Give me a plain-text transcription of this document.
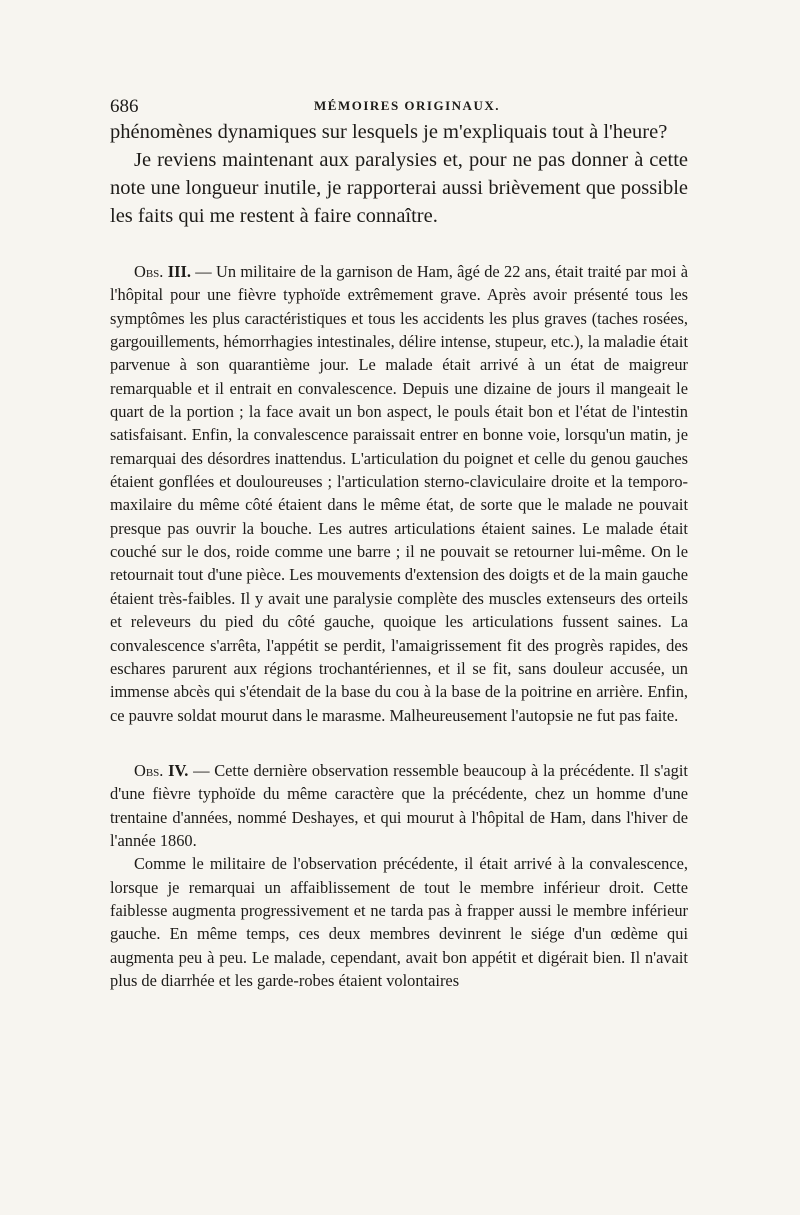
686	MÉMOIRES ORIGINAUX.

phénomènes dynamiques sur lesquels je m'expliquais tout à l'heure?

Je reviens maintenant aux paralysies et, pour ne pas donner à cette note une longueur inutile, je rapporterai aussi brièvement que possible les faits qui me restent à faire connaître.

Obs. III. — Un militaire de la garnison de Ham, âgé de 22 ans, était traité par moi à l'hôpital pour une fièvre typhoïde extrêmement grave. Après avoir présenté tous les symptômes les plus caractéristiques et tous les accidents les plus graves (taches rosées, gargouillements, hémorrhagies intestinales, délire intense, stupeur, etc.), la maladie était parvenue à son quarantième jour. Le malade était arrivé à un état de maigreur remarquable et il entrait en convalescence. Depuis une dizaine de jours il mangeait le quart de la portion ; la face avait un bon aspect, le pouls était bon et l'état de l'intestin satisfaisant. Enfin, la convalescence paraissait entrer en bonne voie, lorsqu'un matin, je remarquai des désordres inattendus. L'articulation du poignet et celle du genou gauches étaient gonflées et douloureuses ; l'articulation sterno-claviculaire droite et la temporo-maxilaire du même côté étaient dans le même état, de sorte que le malade ne pouvait presque pas ouvrir la bouche. Les autres articulations étaient saines. Le malade était couché sur le dos, roide comme une barre ; il ne pouvait se retourner lui-même. On le retournait tout d'une pièce. Les mouvements d'extension des doigts et de la main gauche étaient très-faibles. Il y avait une paralysie complète des muscles extenseurs des orteils et releveurs du pied du côté gauche, quoique les articulations fussent saines. La convalescence s'arrêta, l'appétit se perdit, l'amaigrissement fit des progrès rapides, des eschares parurent aux régions trochantériennes, et il se fit, sans douleur accusée, un immense abcès qui s'étendait de la base du cou à la base de la poitrine en arrière. Enfin, ce pauvre soldat mourut dans le marasme. Malheureusement l'autopsie ne fut pas faite.

Obs. IV. — Cette dernière observation ressemble beaucoup à la précédente. Il s'agit d'une fièvre typhoïde du même caractère que la précédente, chez un homme d'une trentaine d'années, nommé Deshayes, et qui mourut à l'hôpital de Ham, dans l'hiver de l'année 1860.

Comme le militaire de l'observation précédente, il était arrivé à la convalescence, lorsque je remarquai un affaiblissement de tout le membre inférieur droit. Cette faiblesse augmenta progressivement et ne tarda pas à frapper aussi le membre inférieur gauche. En même temps, ces deux membres devinrent le siége d'un œdème qui augmenta peu à peu. Le malade, cependant, avait bon appétit et digérait bien. Il n'avait plus de diarrhée et les garde-robes étaient volontaires
